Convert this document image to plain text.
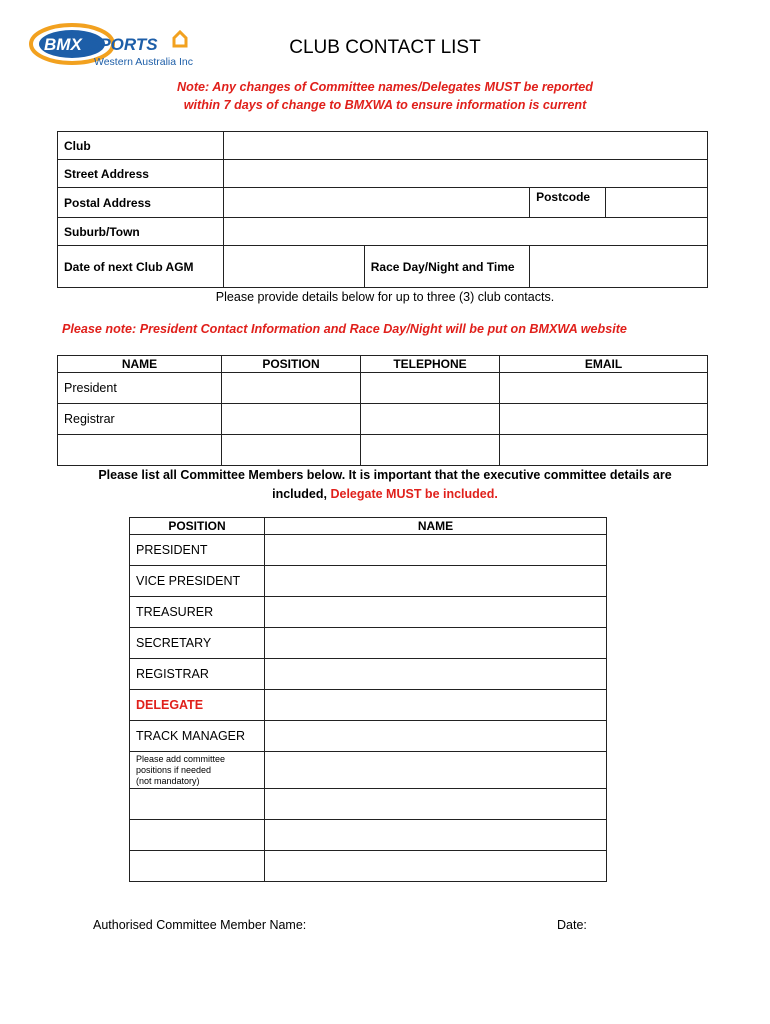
BMX SPORTS
Western Australia Inc
CLUB CONTACT LIST
Note: Any changes of Committee names/Delegates MUST be reported
within 7 days of change to BMXWA to ensure information is current
Club				
Street Address				
Postal Address			Postcode	
Suburb/Town				
Date of next Club AGM		Race Day/Night and Time		
Please provide details below for up to three (3) club contacts.
Please note: President Contact Information and Race Day/Night will be put on BMXWA website
NAME	POSITION	TELEPHONE	EMAIL
President			
Registrar			

Please list all Committee Members below. It is important that the executive committee details are
included, Delegate MUST be included.
POSITION	NAME
PRESIDENT	
VICE PRESIDENT	
TREASURER	
SECRETARY	
REGISTRAR	
DELEGATE	
TRACK MANAGER	

Please add committee
positions if needed
(not mandatory)	

Authorised Committee Member Name:	Date:
